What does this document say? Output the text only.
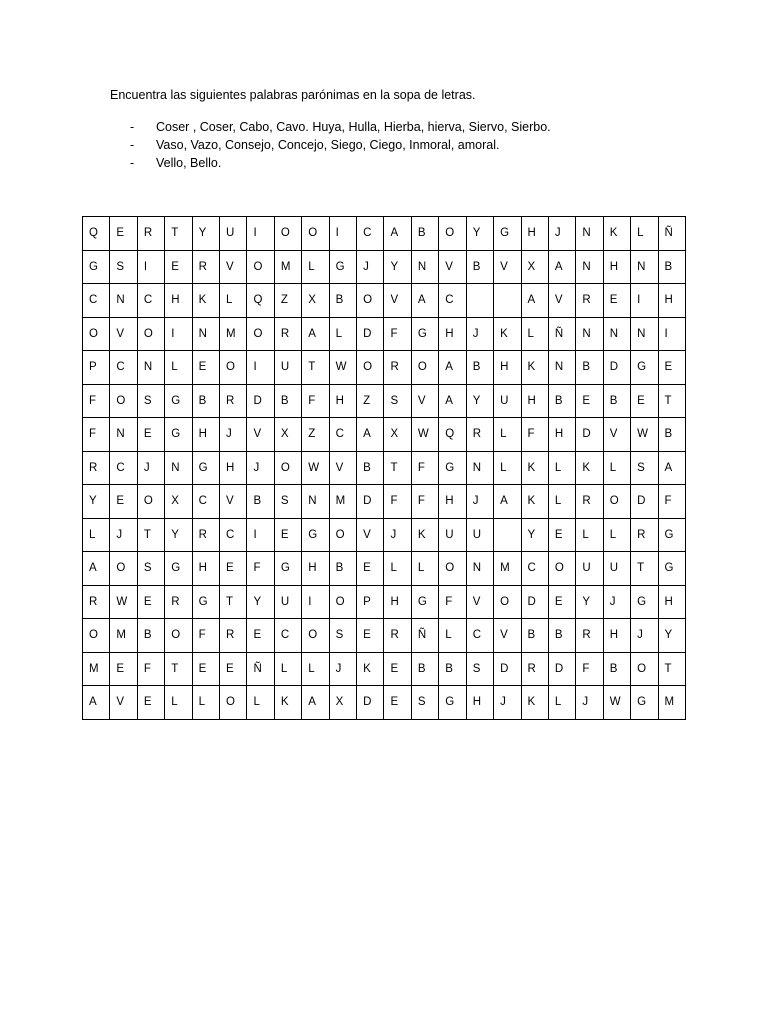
Encuentra las siguientes palabras parónimas en la sopa de letras.
- Coser , Coser, Cabo, Cavo. Huya, Hulla, Hierba, hierva, Siervo, Sierbo.
- Vaso, Vazo, Consejo, Concejo, Siego, Ciego, Inmoral, amoral.
- Vello, Bello.
Q	E	R	T	Y	U	I	O	O	I	C	A	B	O	Y	G	H	J	N	K	L	Ñ
G	S	I	E	R	V	O	M	L	G	J	Y	N	V	B	V	X	A	N	H	N	B
C	N	C	H	K	L	Q	Z	X	B	O	V	A	C			A	V	R	E	I	H
O	V	O	I	N	M	O	R	A	L	D	F	G	H	J	K	L	Ñ	N	N	N	I
P	C	N	L	E	O	I	U	T	W	O	R	O	A	B	H	K	N	B	D	G	E
F	O	S	G	B	R	D	B	F	H	Z	S	V	A	Y	U	H	B	E	B	E	T
F	N	E	G	H	J	V	X	Z	C	A	X	W	Q	R	L	F	H	D	V	W	B
R	C	J	N	G	H	J	O	W	V	B	T	F	G	N	L	K	L	K	L	S	A
Y	E	O	X	C	V	B	S	N	M	D	F	F	H	J	A	K	L	R	O	D	F
L	J	T	Y	R	C	I	E	G	O	V	J	K	U	U		Y	E	L	L	R	G
A	O	S	G	H	E	F	G	H	B	E	L	L	O	N	M	C	O	U	U	T	G
R	W	E	R	G	T	Y	U	I	O	P	H	G	F	V	O	D	E	Y	J	G	H
O	M	B	O	F	R	E	C	O	S	E	R	Ñ	L	C	V	B	B	R	H	J	Y
M	E	F	T	E	E	Ñ	L	L	J	K	E	B	B	S	D	R	D	F	B	O	T
A	V	E	L	L	O	L	K	A	X	D	E	S	G	H	J	K	L	J	W	G	M
